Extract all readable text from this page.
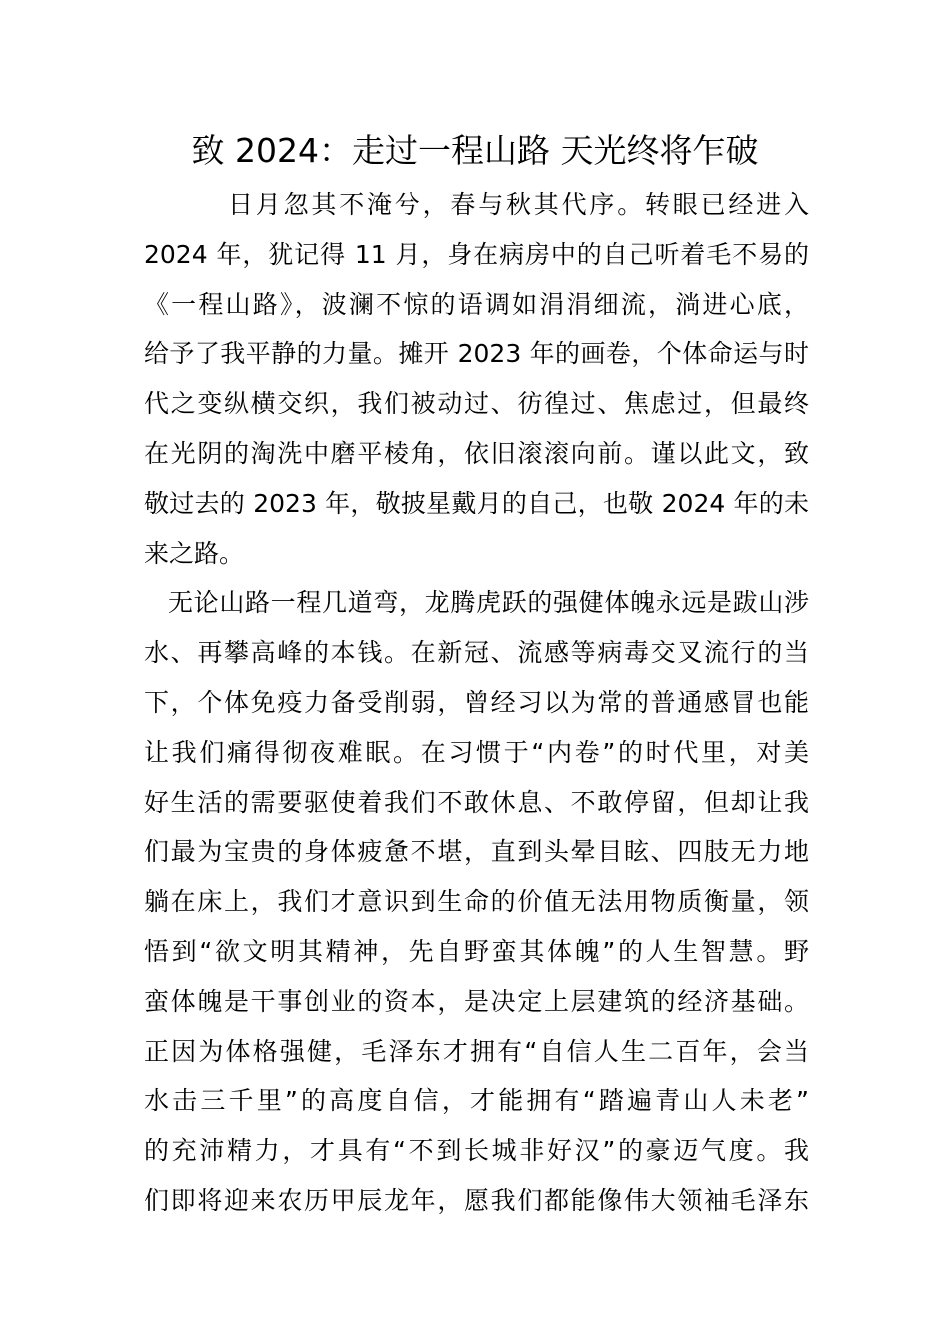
致 2024：走过一程山路 天光终将乍破
日月忽其不淹兮，春与秋其代序。转眼已经进入
2024 年，犹记得 11 月，身在病房中的自己听着毛不易的
《一程山路》，波澜不惊的语调如涓涓细流，淌进心底，
给予了我平静的力量。摊开 2023 年的画卷，个体命运与时
代之变纵横交织，我们被动过、彷徨过、焦虑过，但最终
在光阴的淘洗中磨平棱角，依旧滚滚向前。谨以此文，致
敬过去的 2023 年，敬披星戴月的自己，也敬 2024 年的未
来之路。
无论山路一程几道弯，龙腾虎跃的强健体魄永远是跋山涉
水、再攀高峰的本钱。在新冠、流感等病毒交叉流行的当
下，个体免疫力备受削弱，曾经习以为常的普通感冒也能
让我们痛得彻夜难眠。在习惯于“内卷”的时代里，对美
好生活的需要驱使着我们不敢休息、不敢停留，但却让我
们最为宝贵的身体疲惫不堪，直到头晕目眩、四肢无力地
躺在床上，我们才意识到生命的价值无法用物质衡量，领
悟到“欲文明其精神，先自野蛮其体魄”的人生智慧。野
蛮体魄是干事创业的资本，是决定上层建筑的经济基础。
正因为体格强健，毛泽东才拥有“自信人生二百年，会当
水击三千里”的高度自信，才能拥有“踏遍青山人未老”
的充沛精力，才具有“不到长城非好汉”的豪迈气度。我
们即将迎来农历甲辰龙年，愿我们都能像伟大领袖毛泽东
